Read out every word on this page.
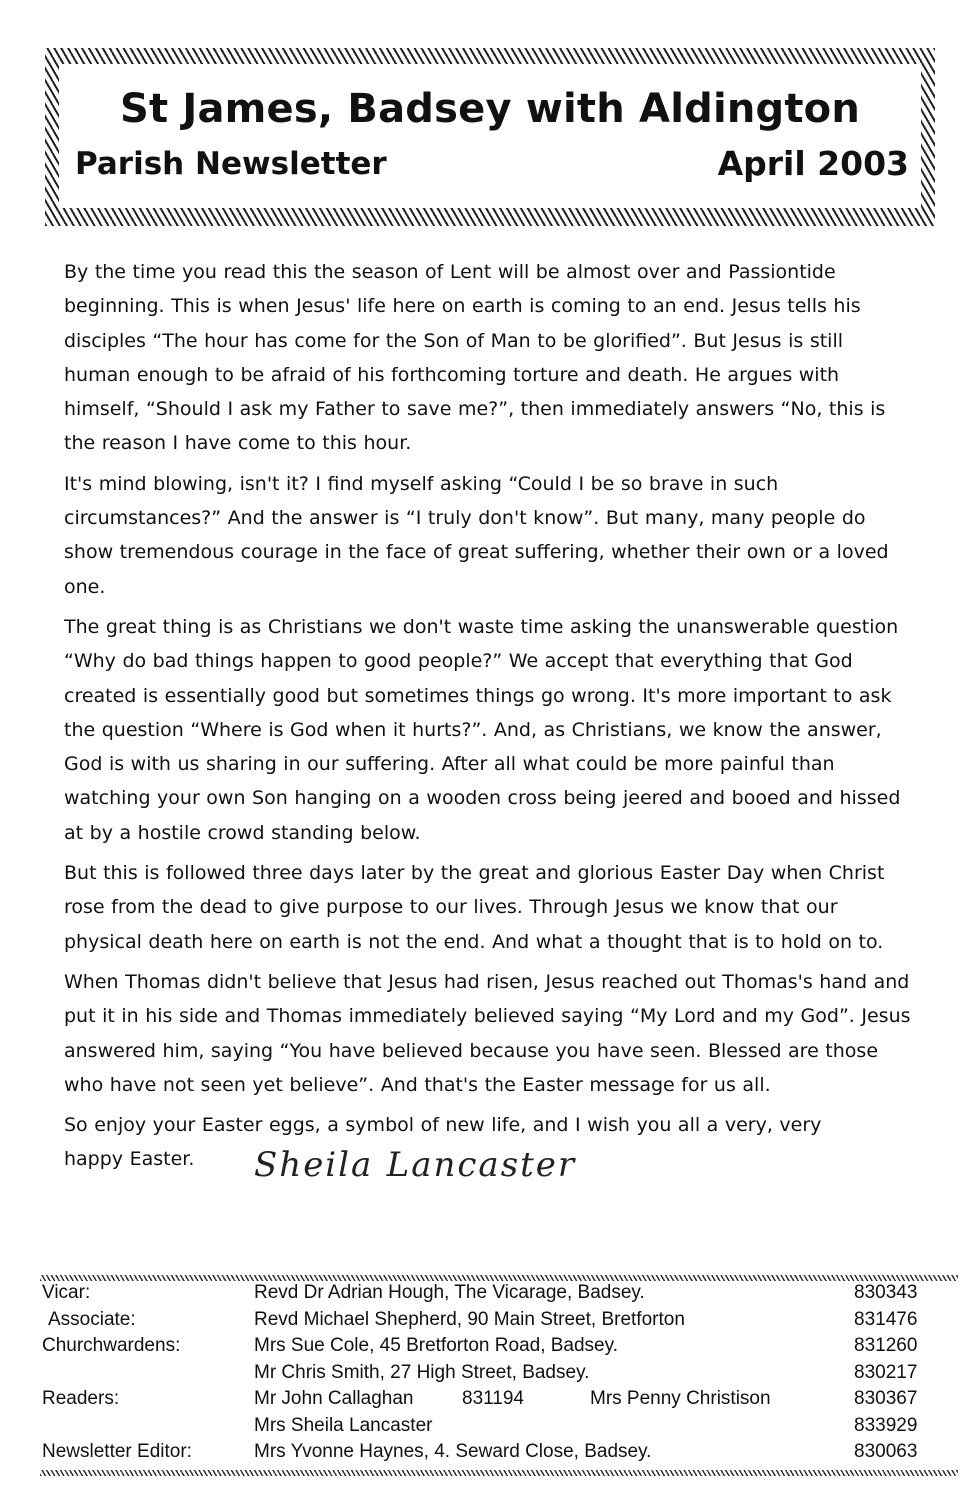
St James, Badsey with Aldington
Parish Newsletter	April 2003

By the time you read this the season of Lent will be almost over and Passiontide beginning. This is when Jesus' life here on earth is coming to an end. Jesus tells his disciples “The hour has come for the Son of Man to be glorified”. But Jesus is still human enough to be afraid of his forthcoming torture and death. He argues with himself, “Should I ask my Father to save me?”, then immediately answers “No, this is the reason I have come to this hour.

It's mind blowing, isn't it? I find myself asking “Could I be so brave in such circumstances?” And the answer is “I truly don't know”. But many, many people do show tremendous courage in the face of great suffering, whether their own or a loved one.

The great thing is as Christians we don't waste time asking the unanswerable question “Why do bad things happen to good people?” We accept that everything that God created is essentially good but sometimes things go wrong. It's more important to ask the question “Where is God when it hurts?”. And, as Christians, we know the answer, God is with us sharing in our suffering. After all what could be more painful than watching your own Son hanging on a wooden cross being jeered and booed and hissed at by a hostile crowd standing below.

But this is followed three days later by the great and glorious Easter Day when Christ rose from the dead to give purpose to our lives. Through Jesus we know that our physical death here on earth is not the end. And what a thought that is to hold on to.

When Thomas didn't believe that Jesus had risen, Jesus reached out Thomas's hand and put it in his side and Thomas immediately believed saying “My Lord and my God”. Jesus answered him, saying “You have believed because you have seen. Blessed are those who have not seen yet believe”. And that's the Easter message for us all.

So enjoy your Easter eggs, a symbol of new life, and I wish you all a very, very

happy Easter. Sheila Lancaster
Vicar:	Revd Dr Adrian Hough, The Vicarage, Badsey.	830343
Associate:	Revd Michael Shepherd, 90 Main Street, Bretforton	831476
Churchwardens:	Mrs Sue Cole, 45 Bretforton Road, Badsey.	831260
Mr Chris Smith, 27 High Street, Badsey.	830217
Readers:	Mr John Callaghan	831194	Mrs Penny Christison	830367
Mrs Sheila Lancaster	833929
Newsletter Editor:	Mrs Yvonne Haynes, 4. Seward Close, Badsey.	830063
